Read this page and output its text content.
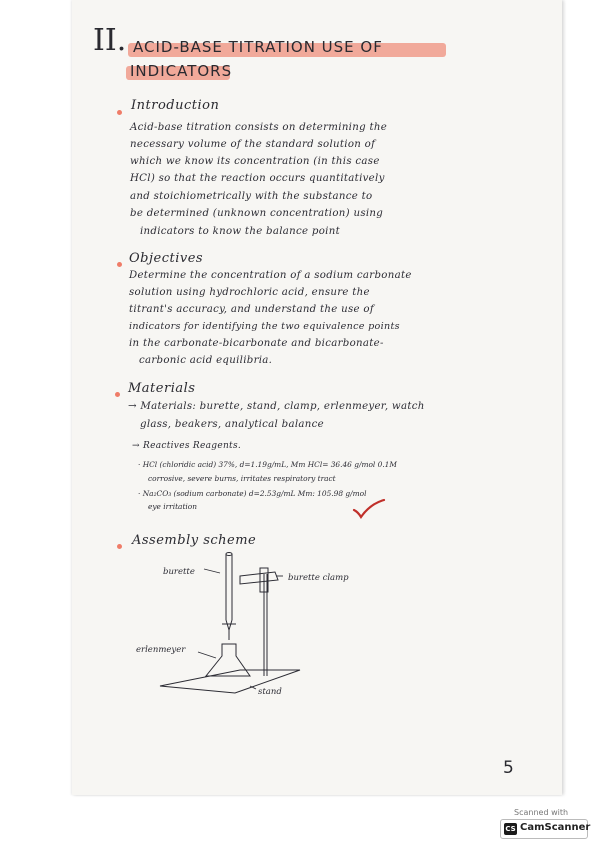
II. ACID-BASE TITRATION USE OF
INDICATORS
Introduction
Acid-base titration consists on determining the
necessary volume of the standard solution of
which we know its concentration (in this case
HCl) so that the reaction occurs quantitatively
and stoichiometrically with the substance to
be determined (unknown concentration) using
indicators to know the balance point
Objectives
Determine the concentration of a sodium carbonate
solution using hydrochloric acid, ensure the
titrant's accuracy, and understand the use of
indicators for identifying the two equivalence points
in the carbonate-bicarbonate and bicarbonate-
carbonic acid equilibria.
Materials
→ Materials: burette, stand, clamp, erlenmeyer, watch
glass, beakers, analytical balance
→ Reactives Reagents.
· HCl (chloridic acid) 37%, d=1.19g/mL, Mm HCl= 36.46 g/mol 0.1M
corrosive, severe burns, irritates respiratory tract
· Na₂CO₃ (sodium carbonate) d=2.53g/mL Mm: 105.98 g/mol
eye irritation
Assembly scheme
burette
burette clamp
erlenmeyer
stand
5
Scanned with
CS CamScanner
